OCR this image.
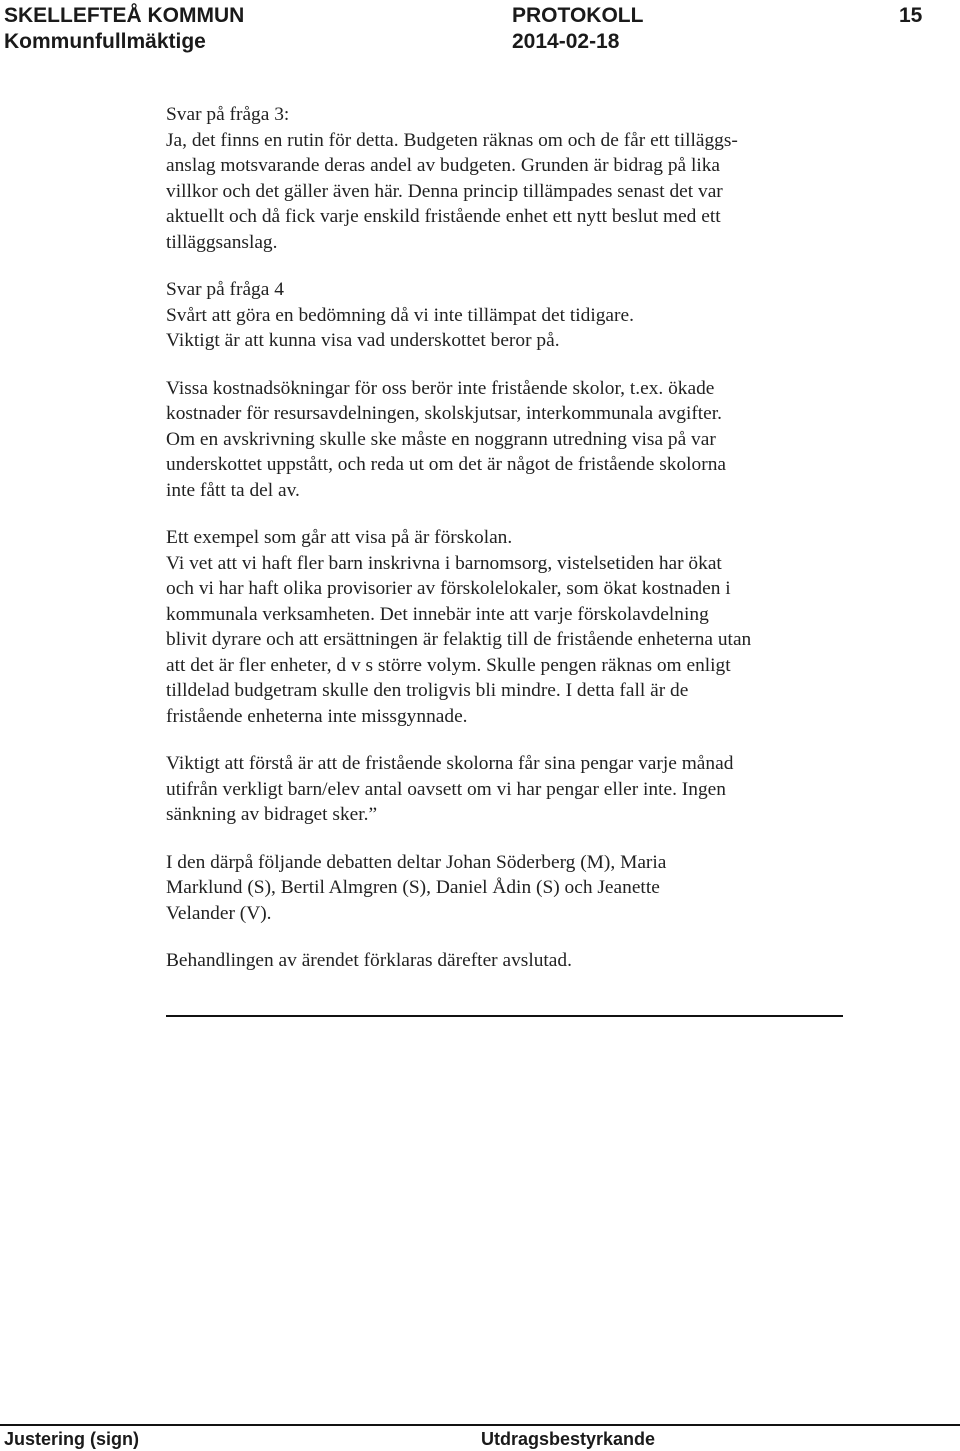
SKELLEFTEÅ KOMMUN
Kommunfullmäktige
PROTOKOLL
2014-02-18
15
Svar på fråga 3:
Ja, det finns en rutin för detta. Budgeten räknas om och de får ett tilläggs-
anslag motsvarande deras andel av budgeten. Grunden är bidrag på lika
villkor och det gäller även här. Denna princip tillämpades senast det var
aktuellt och då fick varje enskild fristående enhet ett nytt beslut med ett
tilläggsanslag.
Svar på fråga 4
Svårt att göra en bedömning då vi inte tillämpat det tidigare.
Viktigt är att kunna visa vad underskottet beror på.
Vissa kostnadsökningar för oss berör inte fristående skolor, t.ex. ökade
kostnader för resursavdelningen, skolskjutsar, interkommunala avgifter.
Om en avskrivning skulle ske måste en noggrann utredning visa på var
underskottet uppstått, och reda ut om det är något de fristående skolorna
inte fått ta del av.
Ett exempel som går att visa på är förskolan.
Vi vet att vi haft fler barn inskrivna i barnomsorg, vistelsetiden har ökat
och vi har haft olika provisorier av förskolelokaler, som ökat kostnaden i
kommunala verksamheten. Det innebär inte att varje förskolavdelning
blivit dyrare och att ersättningen är felaktig till de fristående enheterna utan
att det är fler enheter, d v s större volym. Skulle pengen räknas om enligt
tilldelad budgetram skulle den troligvis bli mindre. I detta fall är de
fristående enheterna inte missgynnade.
Viktigt att förstå är att de fristående skolorna får sina pengar varje månad
utifrån verkligt barn/elev antal oavsett om vi har pengar eller inte. Ingen
sänkning av bidraget sker.”
I den därpå följande debatten deltar Johan Söderberg (M), Maria
Marklund (S), Bertil Almgren (S), Daniel Ådin (S) och Jeanette
Velander (V).
Behandlingen av ärendet förklaras därefter avslutad.
Justering (sign)	Utdragsbestyrkande
